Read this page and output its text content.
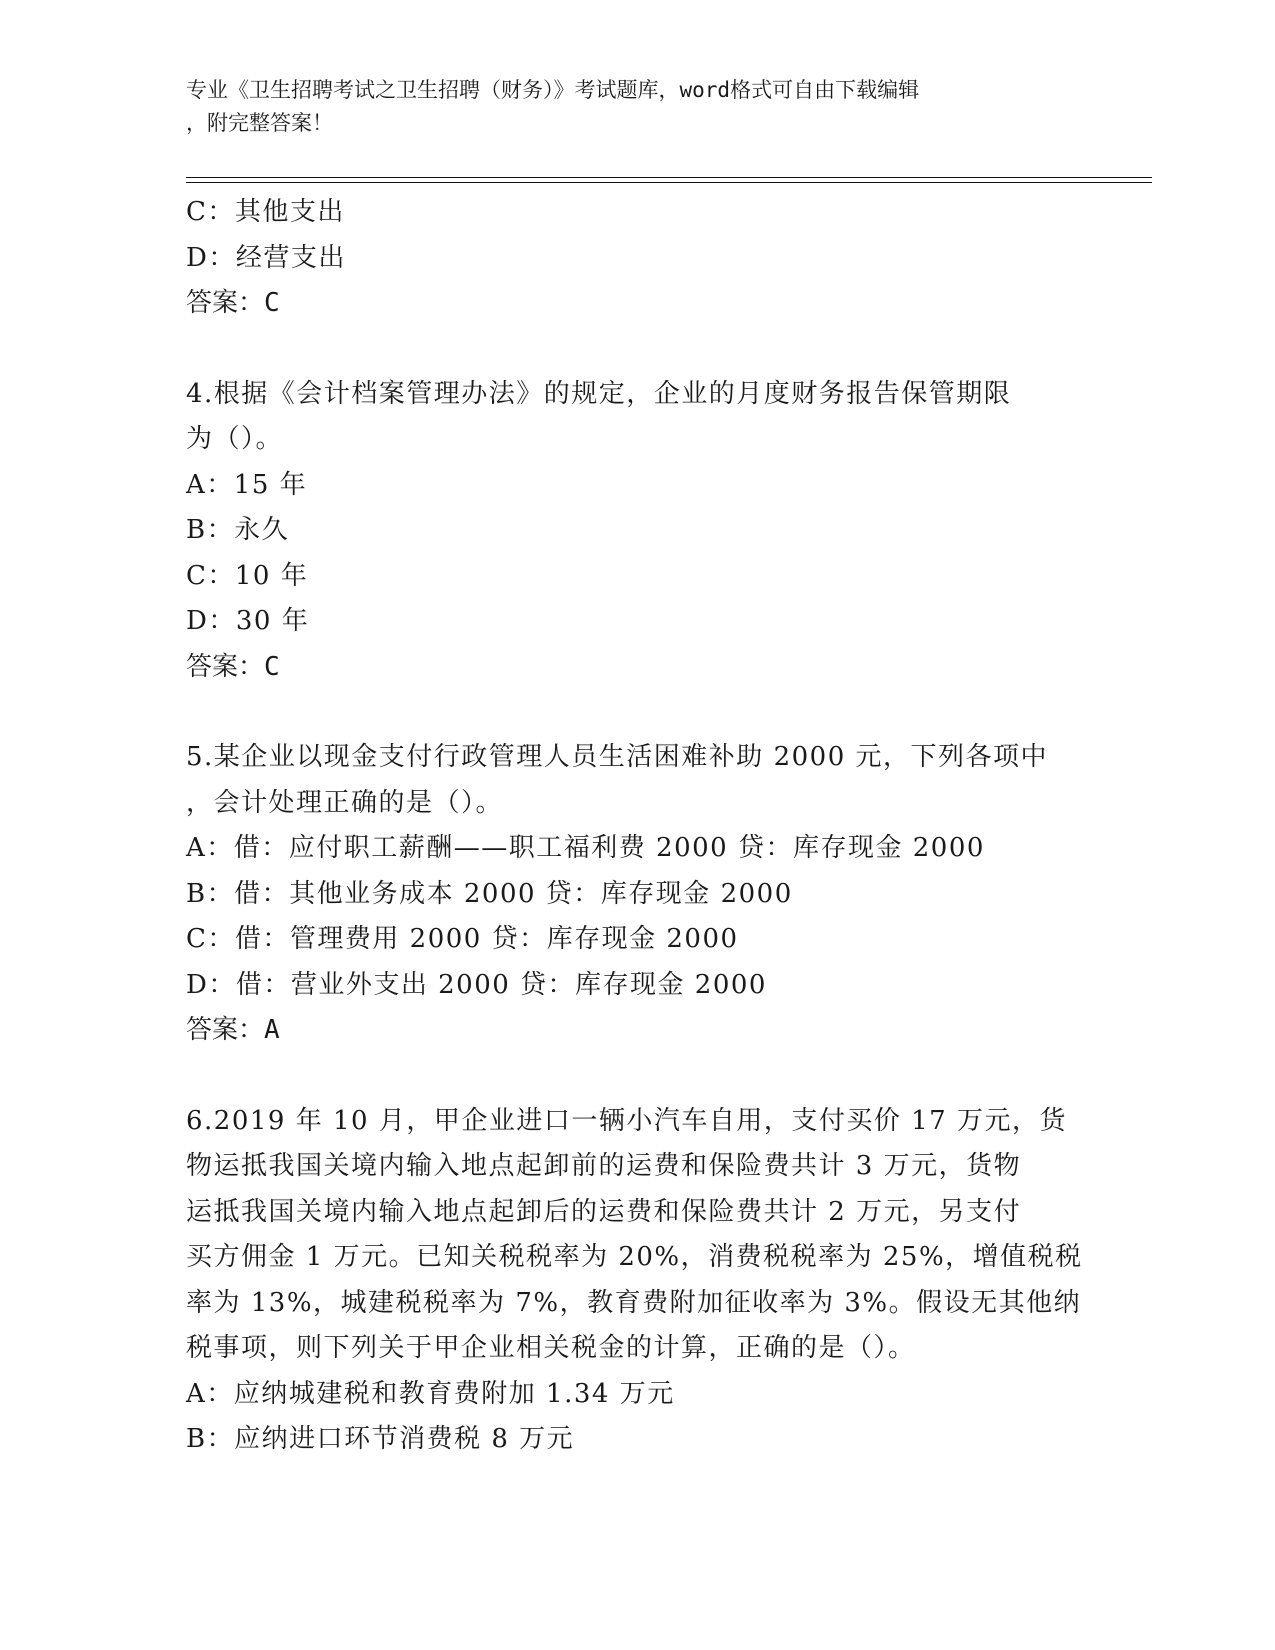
专业《卫生招聘考试之卫生招聘（财务）》考试题库，word格式可自由下载编辑
，附完整答案！
C：其他支出
D：经营支出
答案：C
4.根据《会计档案管理办法》的规定，企业的月度财务报告保管期限
为（）。
A：15 年
B：永久
C：10 年
D：30 年
答案：C
5.某企业以现金支付行政管理人员生活困难补助 2000 元，下列各项中
，会计处理正确的是（）。
A：借：应付职工薪酬——职工福利费 2000 贷：库存现金 2000
B：借：其他业务成本 2000 贷：库存现金 2000
C：借：管理费用 2000 贷：库存现金 2000
D：借：营业外支出 2000 贷：库存现金 2000
答案：A
6.2019 年 10 月，甲企业进口一辆小汽车自用，支付买价 17 万元，货
物运抵我国关境内输入地点起卸前的运费和保险费共计 3 万元，货物
运抵我国关境内输入地点起卸后的运费和保险费共计 2 万元，另支付
买方佣金 1 万元。已知关税税率为 20%，消费税税率为 25%，增值税税
率为 13%，城建税税率为 7%，教育费附加征收率为 3%。假设无其他纳
税事项，则下列关于甲企业相关税金的计算，正确的是（）。
A：应纳城建税和教育费附加 1.34 万元
B：应纳进口环节消费税 8 万元
